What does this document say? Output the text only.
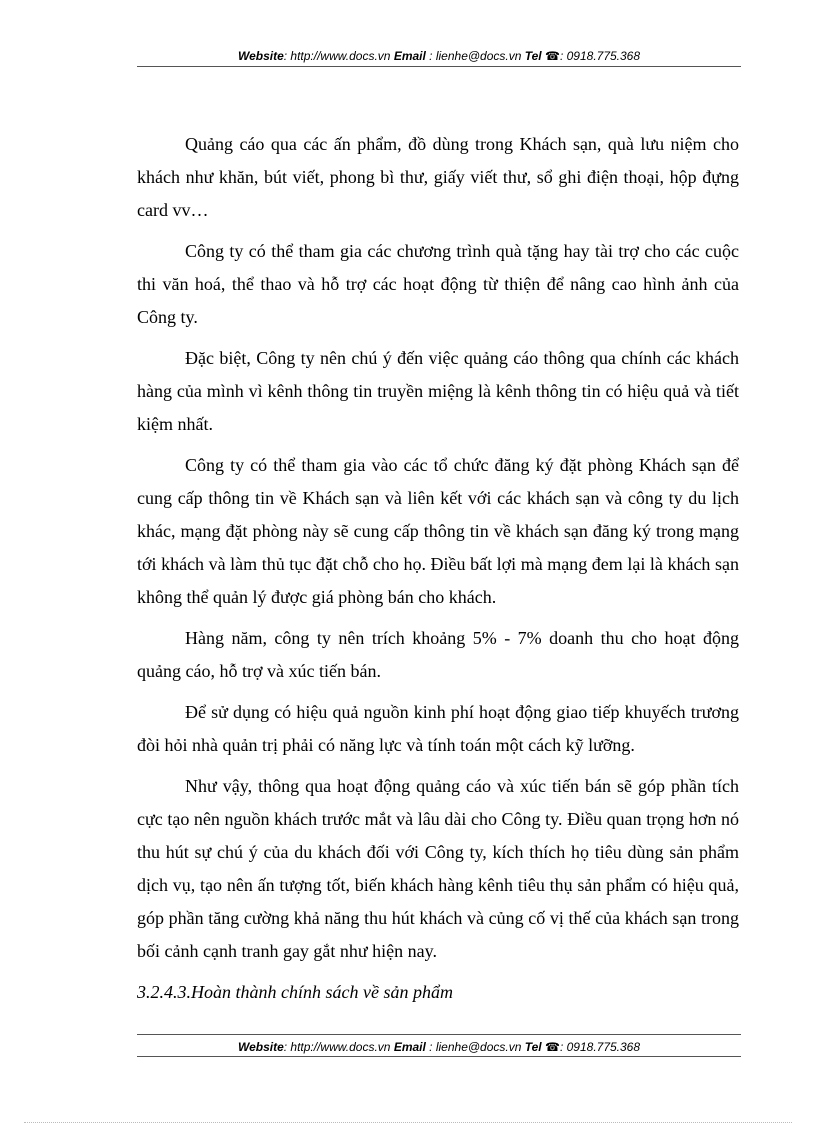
Website: http://www.docs.vn Email : lienhe@docs.vn Tel ☎: 0918.775.368

Quảng cáo qua các ấn phẩm, đồ dùng trong Khách sạn, quà lưu niệm cho khách như khăn, bút viết, phong bì thư, giấy viết thư, sổ ghi điện thoại, hộp đựng card vv…

Công ty có thể tham gia các chương trình quà tặng hay tài trợ cho các cuộc thi văn hoá, thể thao và hỗ trợ các hoạt động từ thiện để nâng cao hình ảnh của Công ty.

Đặc biệt, Công ty nên chú ý đến việc quảng cáo thông qua chính các khách hàng của mình vì kênh thông tin truyền miệng là kênh thông tin có hiệu quả và tiết kiệm nhất.

Công ty có thể tham gia vào các tổ chức đăng ký đặt phòng Khách sạn để cung cấp thông tin về Khách sạn và liên kết với các khách sạn và công ty du lịch khác, mạng đặt phòng này sẽ cung cấp thông tin về khách sạn đăng ký trong mạng tới khách và làm thủ tục đặt chỗ cho họ. Điều bất lợi mà mạng đem lại là khách sạn không thể quản lý được giá phòng bán cho khách.

Hàng năm, công ty nên trích khoảng 5% - 7% doanh thu cho hoạt động quảng cáo, hỗ trợ và xúc tiến bán.

Để sử dụng có hiệu quả nguồn kinh phí hoạt động giao tiếp khuyếch trương đòi hỏi nhà quản trị phải có năng lực và tính toán một cách kỹ lưỡng.

Như vậy, thông qua hoạt động quảng cáo và xúc tiến bán sẽ góp phần tích cực tạo nên nguồn khách trước mắt và lâu dài cho Công ty. Điều quan trọng hơn nó thu hút sự chú ý của du khách đối với Công ty, kích thích họ tiêu dùng sản phẩm dịch vụ, tạo nên ấn tượng tốt, biến khách hàng kênh tiêu thụ sản phẩm có hiệu quả, góp phần tăng cường khả năng thu hút khách và củng cố vị thế của khách sạn trong bối cảnh cạnh tranh gay gắt như hiện nay.

3.2.4.3.Hoàn thành chính sách về sản phẩm

Website: http://www.docs.vn Email : lienhe@docs.vn Tel ☎: 0918.775.368
